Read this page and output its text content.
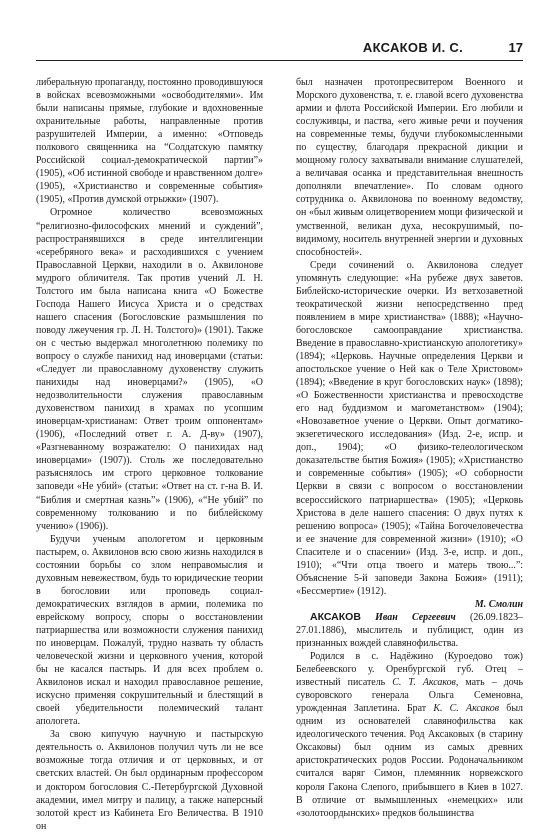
АКСАКОВ И. С.	17

либеральную пропаганду, постоянно проводившуюся в войсках всевозможными «освободителями». Им были написаны прямые, глубокие и вдохновенные охранительные работы, направленные против разрушителей Империи, а именно: «Отповедь полкового священника на “Солдатскую памятку Российской социал-демократической партии”» (1905), «Об истинной свободе и нравственном долге» (1905), «Христианство и современные события» (1905), «Против думской отрыжки» (1907).

Огромное количество всевозможных “религиозно-философских мнений и суждений”, распространявшихся в среде интеллигенции «серебряного века» и расходившихся с учением Православной Церкви, находили в о. Аквилонове мудрого обличителя. Так против учений Л. Н. Толстого им была написана книга «О Божестве Господа Нашего Иисуса Христа и о средствах нашего спасения (Богословские размышления по поводу лжеучения гр. Л. Н. Толстого)» (1901). Также он с честью выдержал многолетнюю полемику по вопросу о службе панихид над иноверцами (статьи: «Следует ли православному духовенству служить панихиды над иноверцами?» (1905), «О недозволительности служения православным духовенством панихид в храмах по усопшим иноверцам-христианам: Ответ троим оппонентам» (1906), «Последний ответ г. А. Д-ву» (1907), «Разгневанному возражателю: О панихидах над иноверцами» (1907)). Столь же последовательно разъяснялось им строго церковное толкование заповеди «Не убий» (статьи: «Ответ на ст. г-на В. И. “Библия и смертная казнь”» (1906), «“Не убий” по современному толкованию и по библейскому учению» (1906)).

Будучи ученым апологетом и церковным пастырем, о. Аквилонов всю свою жизнь находился в состоянии борьбы со злом неправомыслия и духовным невежеством, будь то юридические теории в богословии или проповедь социал-демократических взглядов в армии, полемика по еврейскому вопросу, споры о восстановлении патриаршества или возможности служения панихид по иноверцам. Пожалуй, трудно назвать ту область человеческой жизни и церковного учения, которой бы не касался пастырь. И для всех проблем о. Аквилонов искал и находил православное решение, искусно применяя сокрушительный и блестящий в своей убедительности полемический талант апологета.

За свою кипучую научную и пастырскую деятельность о. Аквилонов получил чуть ли не все возможные тогда отличия и от церковных, и от светских властей. Он был ординарным профессором и доктором богословия С.-Петербургской Духовной академии, имел митру и палицу, а также наперсный золотой крест из Кабинета Его Величества. В 1910 он

был назначен протопресвитером Военного и Морского духовенства, т. е. главой всего духовенства армии и флота Российской Империи. Его любили и сослуживцы, и паства, «его живые речи и поучения на современные темы, будучи глубокомысленными по существу, благодаря прекрасной дикции и мощному голосу захватывали внимание слушателей, а величавая осанка и представительная внешность дополняли впечатление». По словам одного сотрудника о. Аквилонова по военному ведомству, он «был живым олицетворением мощи физической и умственной, великан духа, несокрушимый, по-видимому, носитель внутренней энергии и духовных способностей».

Среди сочинений о. Аквилонова следует упомянуть следующие: «На рубеже двух заветов. Библейско-исторические очерки. Из ветхозаветной теократической жизни непосредственно пред появлением в мире христианства» (1888); «Научно-богословское самооправдание христианства. Введение в православно-христианскую апологетику» (1894); «Церковь. Научные определения Церкви и апостольское учение о Ней как о Теле Христовом» (1894); «Введение в круг богословских наук» (1898); «О Божественности христианства и превосходстве его над буддизмом и магометанством» (1904); «Новозаветное учение о Церкви. Опыт догматико-экзегетического исследования» (Изд. 2-е, испр. и доп., 1904); «О физико-телеологическом доказательстве бытия Божия» (1905); «Христианство и современные события» (1905); «О соборности Церкви в связи с вопросом о восстановлении всероссийского патриаршества» (1905); «Церковь Христова в деле нашего спасения: О двух путях к решению вопроса» (1905); «Тайна Богочеловечества и ее значение для современной жизни» (1910); «О Спасителе и о спасении» (Изд. 3-е, испр. и доп., 1910); «“Чти отца твоего и матерь твою...”: Объяснение 5-й заповеди Закона Божия» (1911); «Бессмертие» (1912).

М. Смолин

АКСАКОВ Иван Сергеевич (26.09.1823–27.01.1886), мыслитель и публицист, один из признанных вождей славянофильства.

Родился в с. Надёжино (Куроедово тож) Белебеевского у. Оренбургской губ. Отец – известный писатель С. Т. Аксаков, мать – дочь суворовского генерала Ольга Семеновна, урожденная Заплетина. Брат К. С. Аксаков был одним из основателей славянофильства как идеологического течения. Род Аксаковых (в старину Оксаковы) был одним из самых древних аристократических родов России. Родоначальником считался варяг Симон, племянник норвежского короля Гакона Слепого, прибывшего в Киев в 1027. В отличие от вымышленных «немецких» или «золотоордынских» предков большинства
